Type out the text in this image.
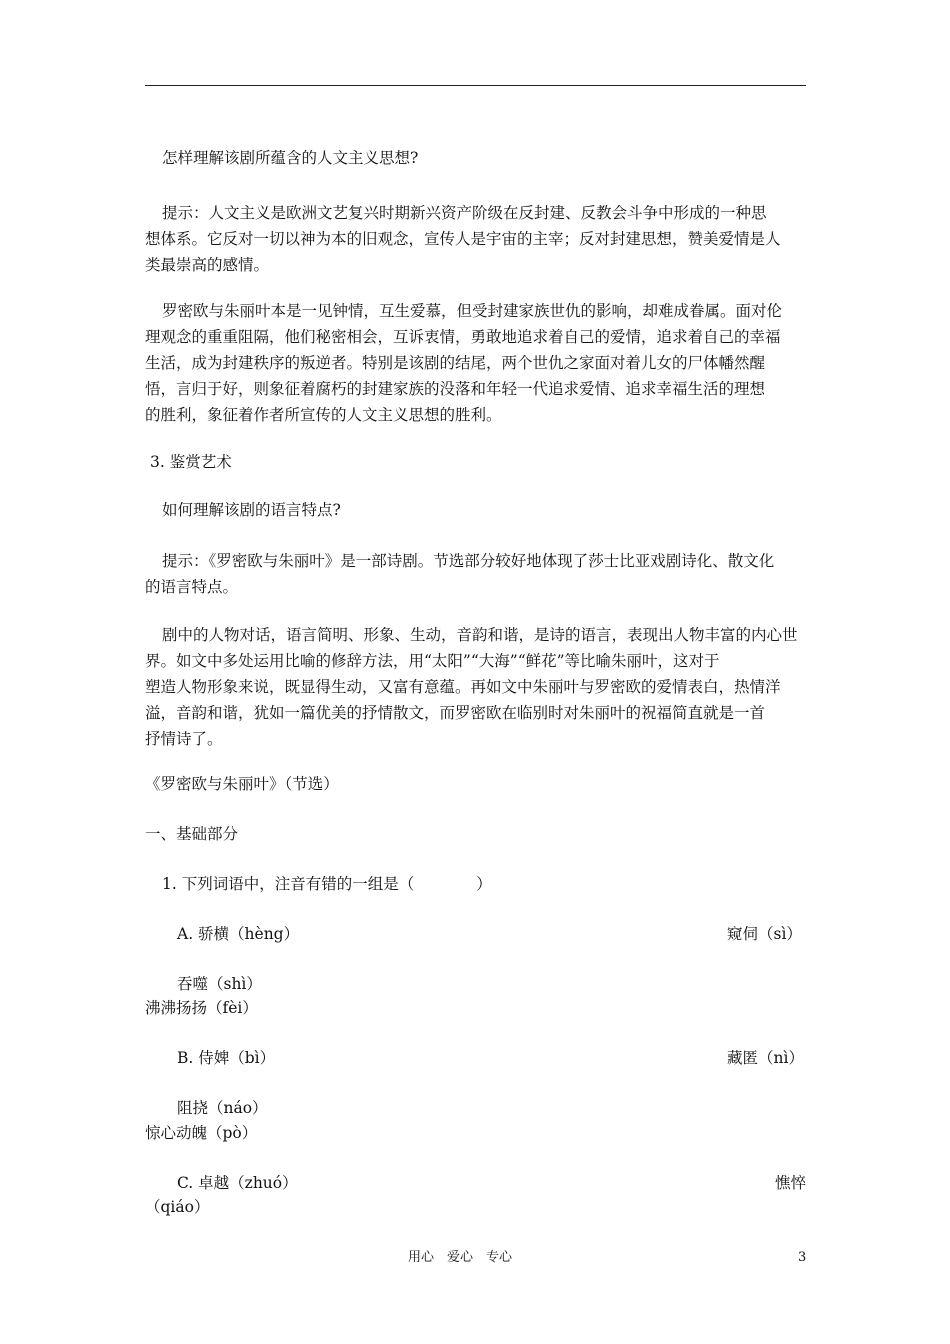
怎样理解该剧所蕴含的人文主义思想?

提示：人文主义是欧洲文艺复兴时期新兴资产阶级在反封建、反教会斗争中形成的一种思
想体系。它反对一切以神为本的旧观念，宣传人是宇宙的主宰；反对封建思想，赞美爱情是人
类最崇高的感情。
罗密欧与朱丽叶本是一见钟情，互生爱慕，但受封建家族世仇的影响，却难成眷属。面对伦
理观念的重重阻隔，他们秘密相会，互诉衷情，勇敢地追求着自己的爱情，追求着自己的幸福
生活，成为封建秩序的叛逆者。特别是该剧的结尾，两个世仇之家面对着儿女的尸体幡然醒
悟，言归于好，则象征着腐朽的封建家族的没落和年轻一代追求爱情、追求幸福生活的理想
的胜利，象征着作者所宣传的人文主义思想的胜利。

3. 鉴赏艺术

如何理解该剧的语言特点?

提示：《罗密欧与朱丽叶》是一部诗剧。节选部分较好地体现了莎士比亚戏剧诗化、散文化
的语言特点。
剧中的人物对话，语言简明、形象、生动，音韵和谐，是诗的语言，表现出人物丰富的内心世
界。如文中多处运用比喻的修辞方法，用“太阳”“大海”“鲜花”等比喻朱丽叶，这对于
塑造人物形象来说，既显得生动，又富有意蕴。再如文中朱丽叶与罗密欧的爱情表白，热情洋
溢，音韵和谐，犹如一篇优美的抒情散文，而罗密欧在临别时对朱丽叶的祝福简直就是一首
抒情诗了。

《罗密欧与朱丽叶》（节选）

一、基础部分

1. 下列词语中，注音有错的一组是（　　　　）

A. 骄横（hèng）	窥伺（sì）

吞噬（shì）

沸沸扬扬（fèi）

B. 侍婢（bì）	藏匿（nì）

阻挠（náo）

惊心动魄（pò）

C. 卓越（zhuó）	憔悴

（qiáo）

用心　爱心　专心	3
